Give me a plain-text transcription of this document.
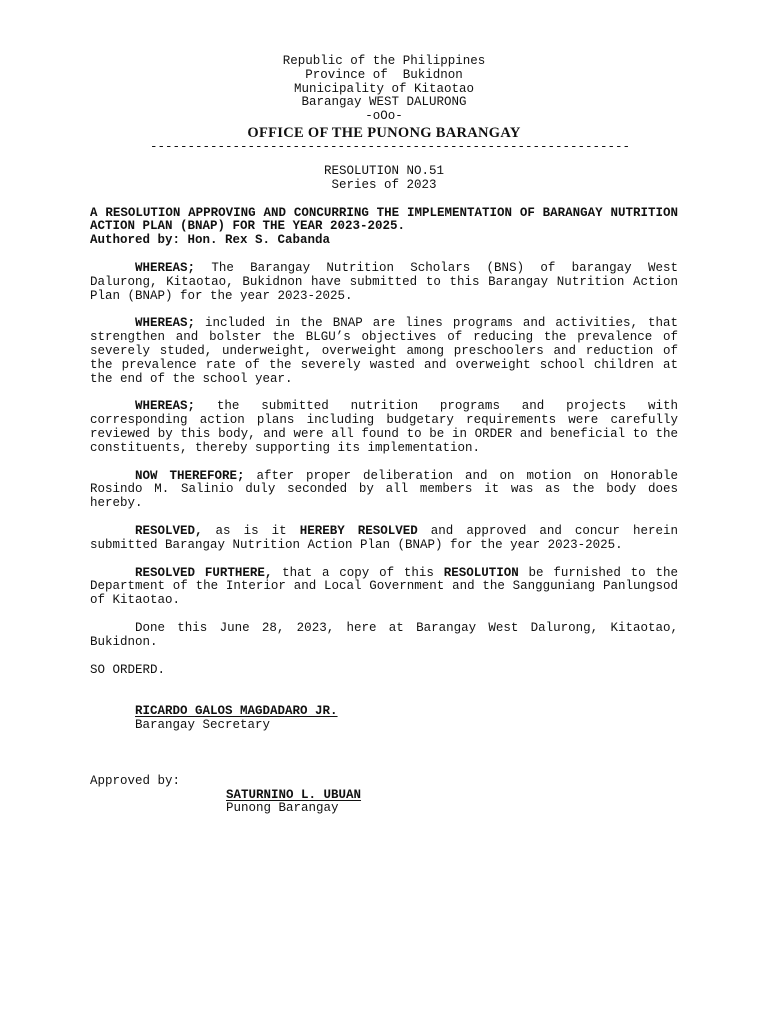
Republic of the Philippines
Province of  Bukidnon
Municipality of Kitaotao
Barangay WEST DALURONG
-oOo-
OFFICE OF THE PUNONG BARANGAY
----------------------------------------------------------------
RESOLUTION NO.51
Series of 2023
A RESOLUTION APPROVING AND CONCURRING THE IMPLEMENTATION OF BARANGAY NUTRITION ACTION PLAN (BNAP) FOR THE YEAR 2023-2025.
Authored by: Hon. Rex S. Cabanda
WHEREAS; The Barangay Nutrition Scholars (BNS) of barangay West Dalurong, Kitaotao, Bukidnon have submitted to this Barangay Nutrition Action Plan (BNAP) for the year 2023-2025.
WHEREAS; included in the BNAP are lines programs and activities, that strengthen and bolster the BLGU’s objectives of reducing the prevalence of severely studed, underweight, overweight among preschoolers and reduction of the prevalence rate of the severely wasted and overweight school children at the end of the school year.
WHEREAS; the submitted nutrition programs and projects with corresponding action plans including budgetary requirements were carefully reviewed by this body, and were all found to be in ORDER and beneficial to the constituents, thereby supporting its implementation.
NOW THEREFORE; after proper deliberation and on motion on Honorable Rosindo M. Salinio duly seconded by all members it was as the body does hereby.
RESOLVED, as is it HEREBY RESOLVED and approved and concur herein submitted Barangay Nutrition Action Plan (BNAP) for the year 2023-2025.
RESOLVED FURTHERE, that a copy of this RESOLUTION be furnished to the Department of the Interior and Local Government and the Sangguniang Panlungsod of Kitaotao.
Done this June 28, 2023, here at Barangay West Dalurong, Kitaotao, Bukidnon.
SO ORDERD.
RICARDO GALOS MAGDADARO JR.
Barangay Secretary
Approved by:
SATURNINO L. UBUAN
Punong Barangay
